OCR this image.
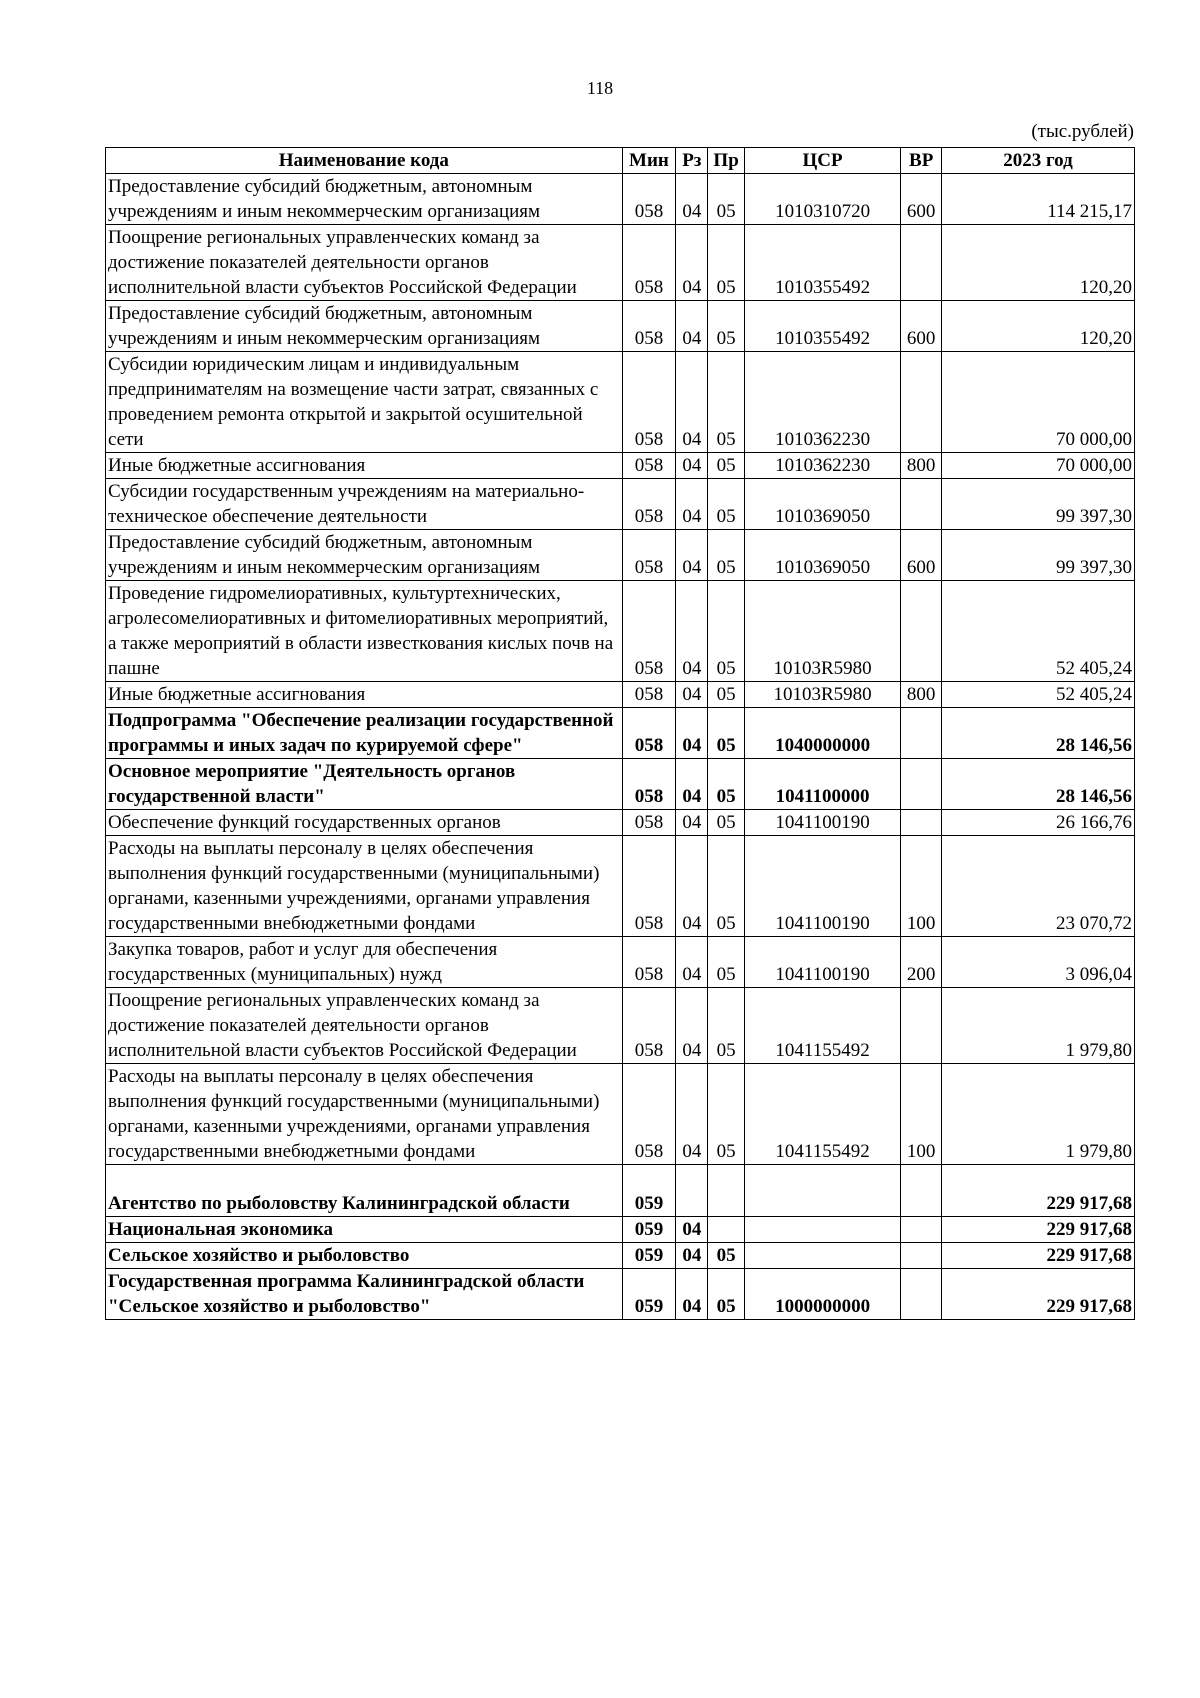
118
(тыс.рублей)
Наименование кода	Мин	Рз	Пр	ЦСР	ВР	2023 год
Предоставление субсидий бюджетным, автономным учреждениям и иным некоммерческим организациям	058	04	05	1010310720	600	114 215,17
Поощрение региональных управленческих команд за достижение показателей деятельности органов исполнительной власти субъектов Российской Федерации	058	04	05	1010355492		120,20
Предоставление субсидий бюджетным, автономным учреждениям и иным некоммерческим организациям	058	04	05	1010355492	600	120,20
Субсидии юридическим лицам и индивидуальным предпринимателям на возмещение части затрат, связанных с проведением ремонта открытой и закрытой осушительной сети	058	04	05	1010362230		70 000,00
Иные бюджетные ассигнования	058	04	05	1010362230	800	70 000,00
Субсидии государственным учреждениям на материально-техническое обеспечение деятельности	058	04	05	1010369050		99 397,30
Предоставление субсидий бюджетным, автономным учреждениям и иным некоммерческим организациям	058	04	05	1010369050	600	99 397,30
Проведение гидромелиоративных, культуртехнических, агролесомелиоративных и фитомелиоративных мероприятий, а также мероприятий в области известкования кислых почв на пашне	058	04	05	10103R5980		52 405,24
Иные бюджетные ассигнования	058	04	05	10103R5980	800	52 405,24
Подпрограмма "Обеспечение реализации государственной программы и иных задач по курируемой сфере"	058	04	05	1040000000		28 146,56
Основное мероприятие "Деятельность органов государственной власти"	058	04	05	1041100000		28 146,56
Обеспечение функций государственных органов	058	04	05	1041100190		26 166,76
Расходы на выплаты персоналу в целях обеспечения выполнения функций государственными (муниципальными) органами, казенными учреждениями, органами управления государственными внебюджетными фондами	058	04	05	1041100190	100	23 070,72
Закупка товаров, работ и услуг для обеспечения государственных (муниципальных) нужд	058	04	05	1041100190	200	3 096,04
Поощрение региональных управленческих команд за достижение показателей деятельности органов исполнительной власти субъектов Российской Федерации	058	04	05	1041155492		1 979,80
Расходы на выплаты персоналу в целях обеспечения выполнения функций государственными (муниципальными) органами, казенными учреждениями, органами управления государственными внебюджетными фондами	058	04	05	1041155492	100	1 979,80
Агентство по рыболовству Калининградской области	059					229 917,68
Национальная экономика	059	04				229 917,68
Сельское хозяйство и рыболовство	059	04	05			229 917,68
Государственная программа Калининградской области "Сельское хозяйство и рыболовство"	059	04	05	1000000000		229 917,68
